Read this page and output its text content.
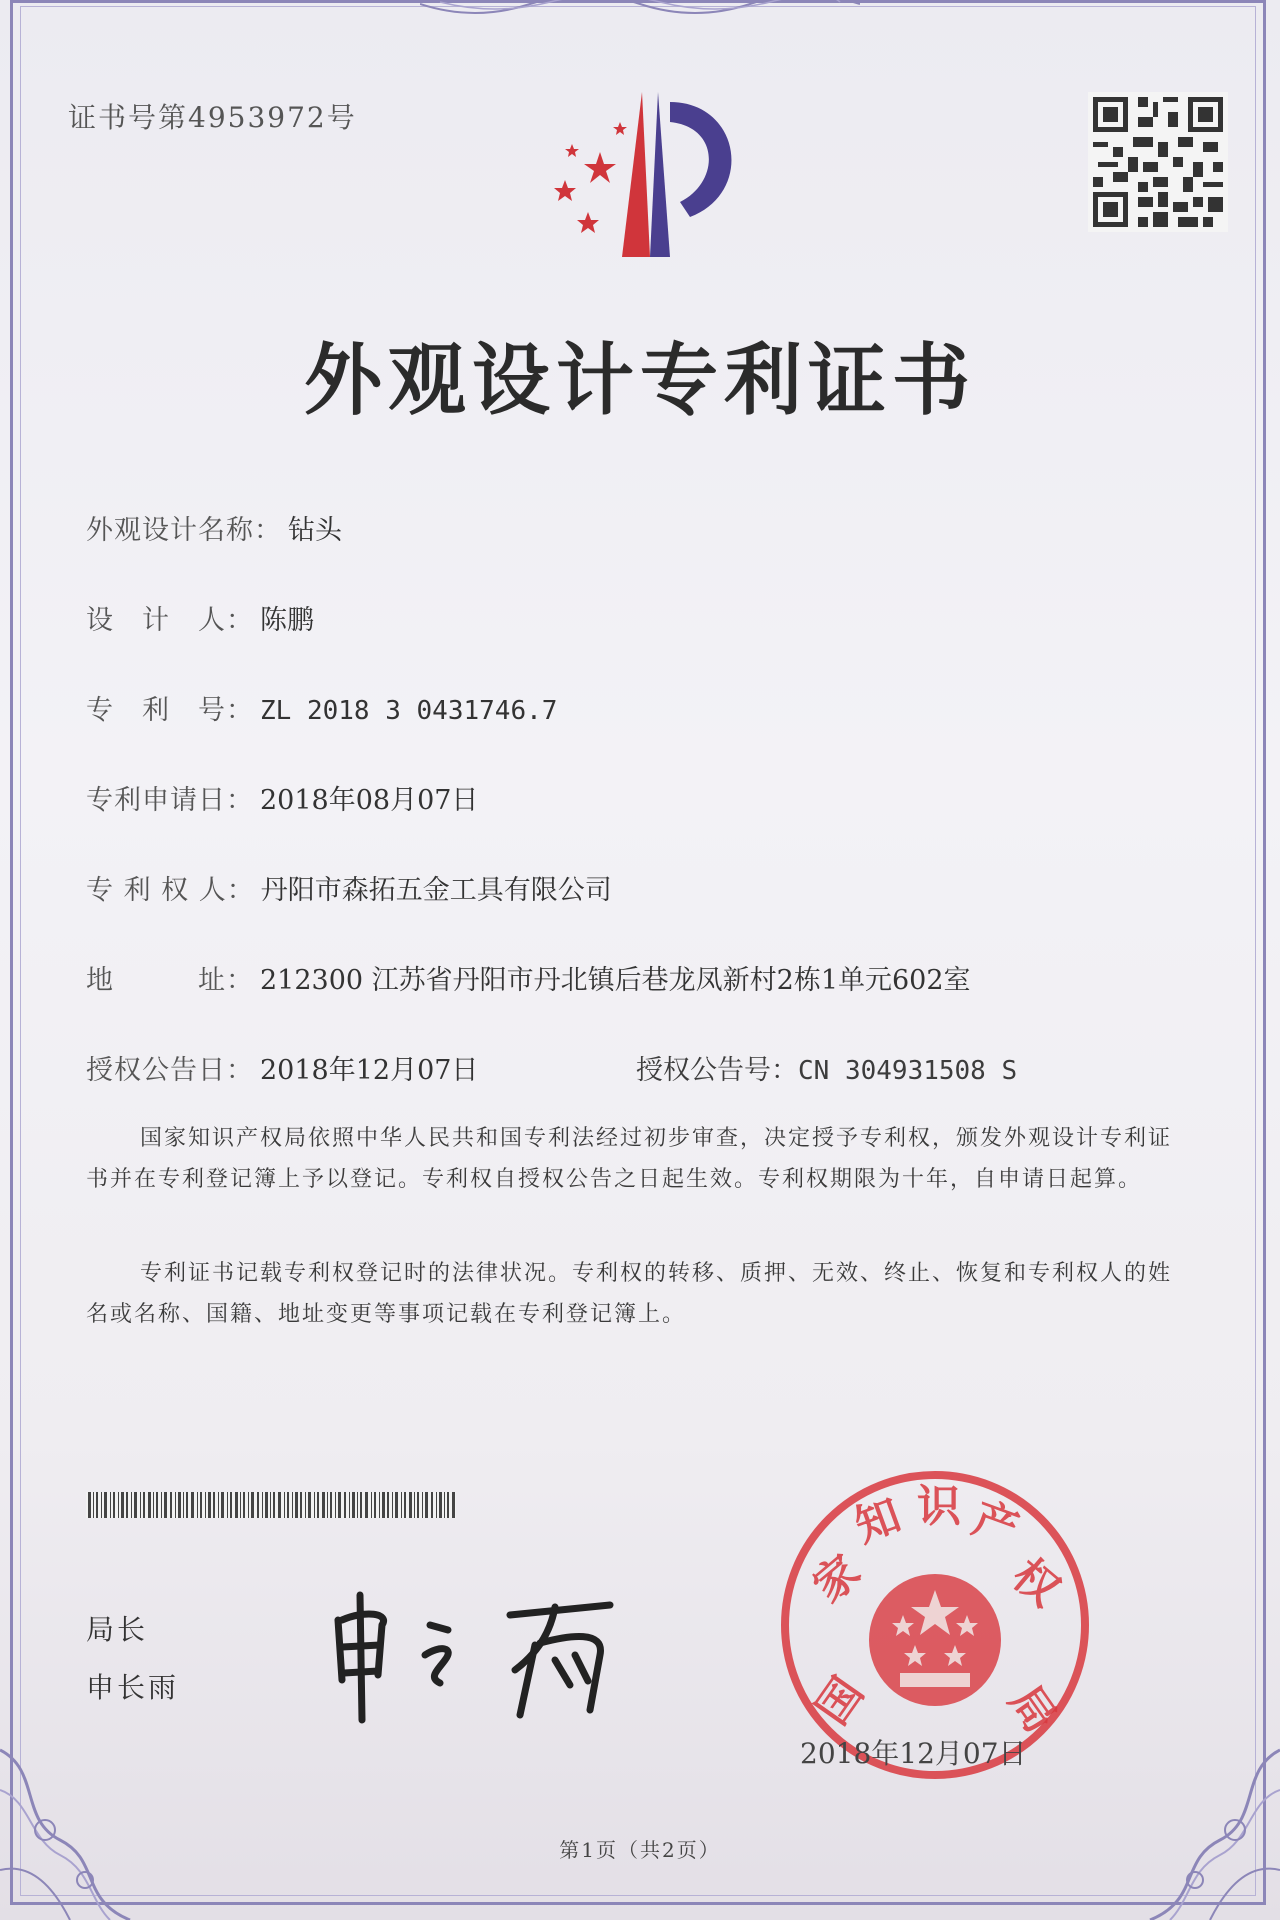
证书号第4953972号
外观设计专利证书
外观设计名称： 钻头
设　计　人： 陈鹏
专　利　号： ZL 2018 3 0431746.7
专利申请日： 2018年08月07日
专 利 权 人： 丹阳市森拓五金工具有限公司
地　　　址： 212300 江苏省丹阳市丹北镇后巷龙凤新村2栋1单元602室
授权公告日： 2018年12月07日	授权公告号：CN 304931508 S
国家知识产权局依照中华人民共和国专利法经过初步审查，决定授予专利权，颁发外观设计专利证书并在专利登记簿上予以登记。专利权自授权公告之日起生效。专利权期限为十年，自申请日起算。
专利证书记载专利权登记时的法律状况。专利权的转移、质押、无效、终止、恢复和专利权人的姓名或名称、国籍、地址变更等事项记载在专利登记簿上。
局长
申长雨	国
家
知 识 产
权
局
2018年12月07日
第1页（共2页）
